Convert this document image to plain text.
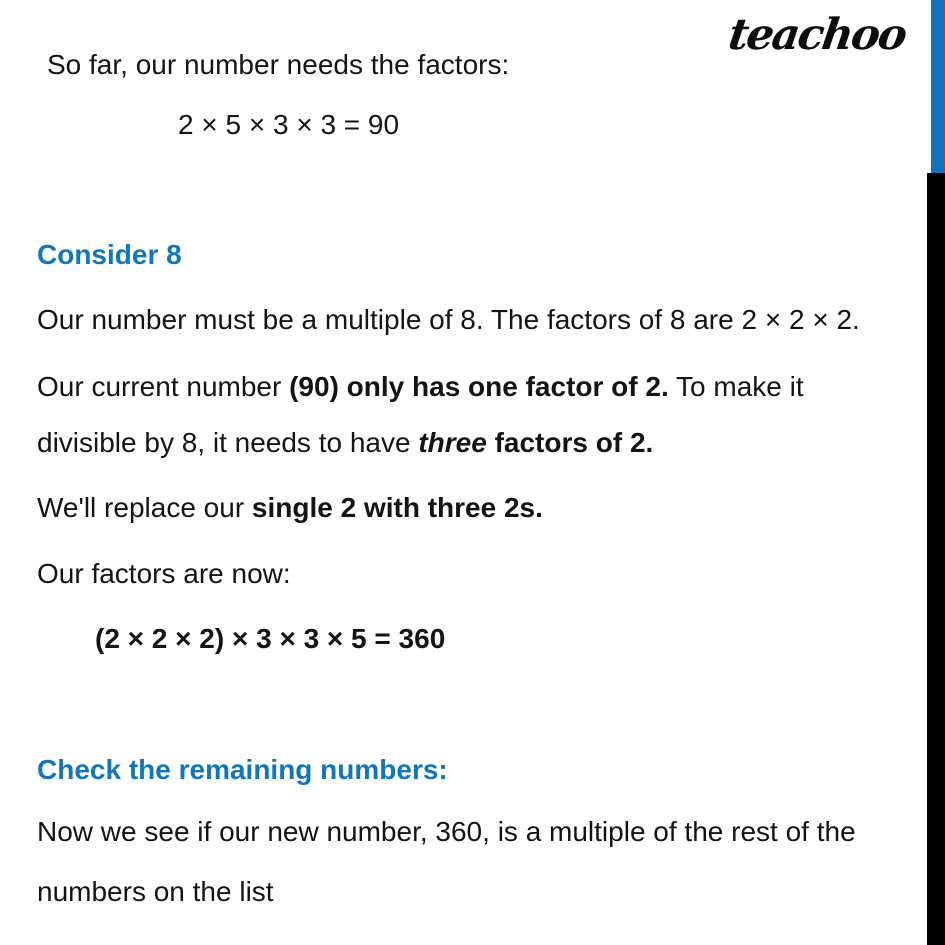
teachoo
So far, our number needs the factors:
2 × 5 × 3 × 3 = 90
Consider 8
Our number must be a multiple of 8. The factors of 8 are 2 × 2 × 2.
Our current number (90) only has one factor of 2. To make it
divisible by 8, it needs to have three factors of 2.
We'll replace our single 2 with three 2s.
Our factors are now:
(2 × 2 × 2) × 3 × 3 × 5 = 360
Check the remaining numbers:
Now we see if our new number, 360, is a multiple of the rest of the
numbers on the list
